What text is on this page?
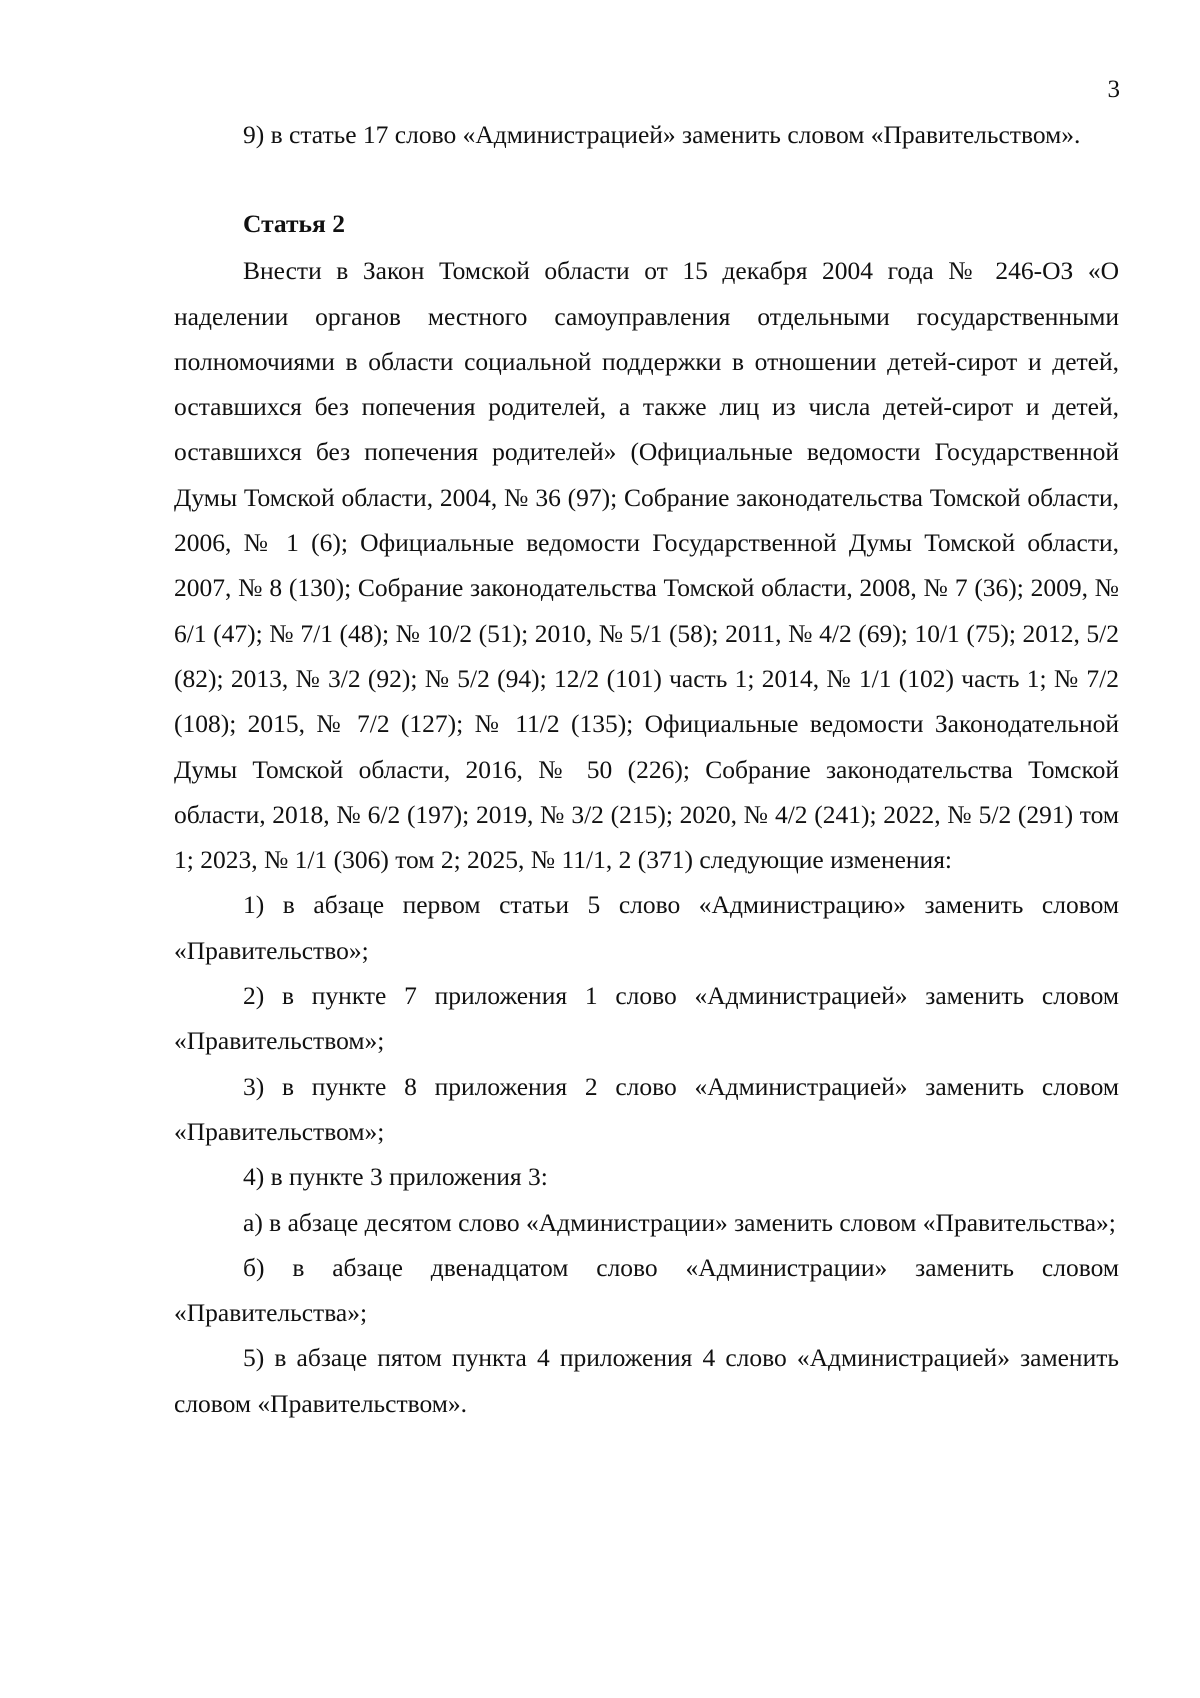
3

9) в статье 17 слово «Администрацией» заменить словом «Правительством».

Статья 2

Внести в Закон Томской области от 15 декабря 2004 года № 246-ОЗ «О наделении органов местного самоуправления отдельными государственными полномочиями в области социальной поддержки в отношении детей-сирот и детей, оставшихся без попечения родителей, а также лиц из числа детей-сирот и детей, оставшихся без попечения родителей» (Официальные ведомости Государственной Думы Томской области, 2004, № 36 (97); Собрание законодательства Томской области, 2006, № 1 (6); Официальные ведомости Государственной Думы Томской области, 2007, № 8 (130); Собрание законодательства Томской области, 2008, № 7 (36); 2009, № 6/1 (47); № 7/1 (48); № 10/2 (51); 2010, № 5/1 (58); 2011, № 4/2 (69); 10/1 (75); 2012, 5/2 (82); 2013, № 3/2 (92); № 5/2 (94); 12/2 (101) часть 1; 2014, № 1/1 (102) часть 1; № 7/2 (108); 2015, № 7/2 (127); № 11/2 (135); Официальные ведомости Законодательной Думы Томской области, 2016, № 50 (226); Собрание законодательства Томской области, 2018, № 6/2 (197); 2019, № 3/2 (215); 2020, № 4/2 (241); 2022, № 5/2 (291) том 1; 2023, № 1/1 (306) том 2; 2025, № 11/1, 2 (371) следующие изменения:

1) в абзаце первом статьи 5 слово «Администрацию» заменить словом «Правительство»;

2) в пункте 7 приложения 1 слово «Администрацией» заменить словом «Правительством»;

3) в пункте 8 приложения 2 слово «Администрацией» заменить словом «Правительством»;

4) в пункте 3 приложения 3:

а) в абзаце десятом слово «Администрации» заменить словом «Правительства»;

б) в абзаце двенадцатом слово «Администрации» заменить словом «Правительства»;

5) в абзаце пятом пункта 4 приложения 4 слово «Администрацией» заменить словом «Правительством».
